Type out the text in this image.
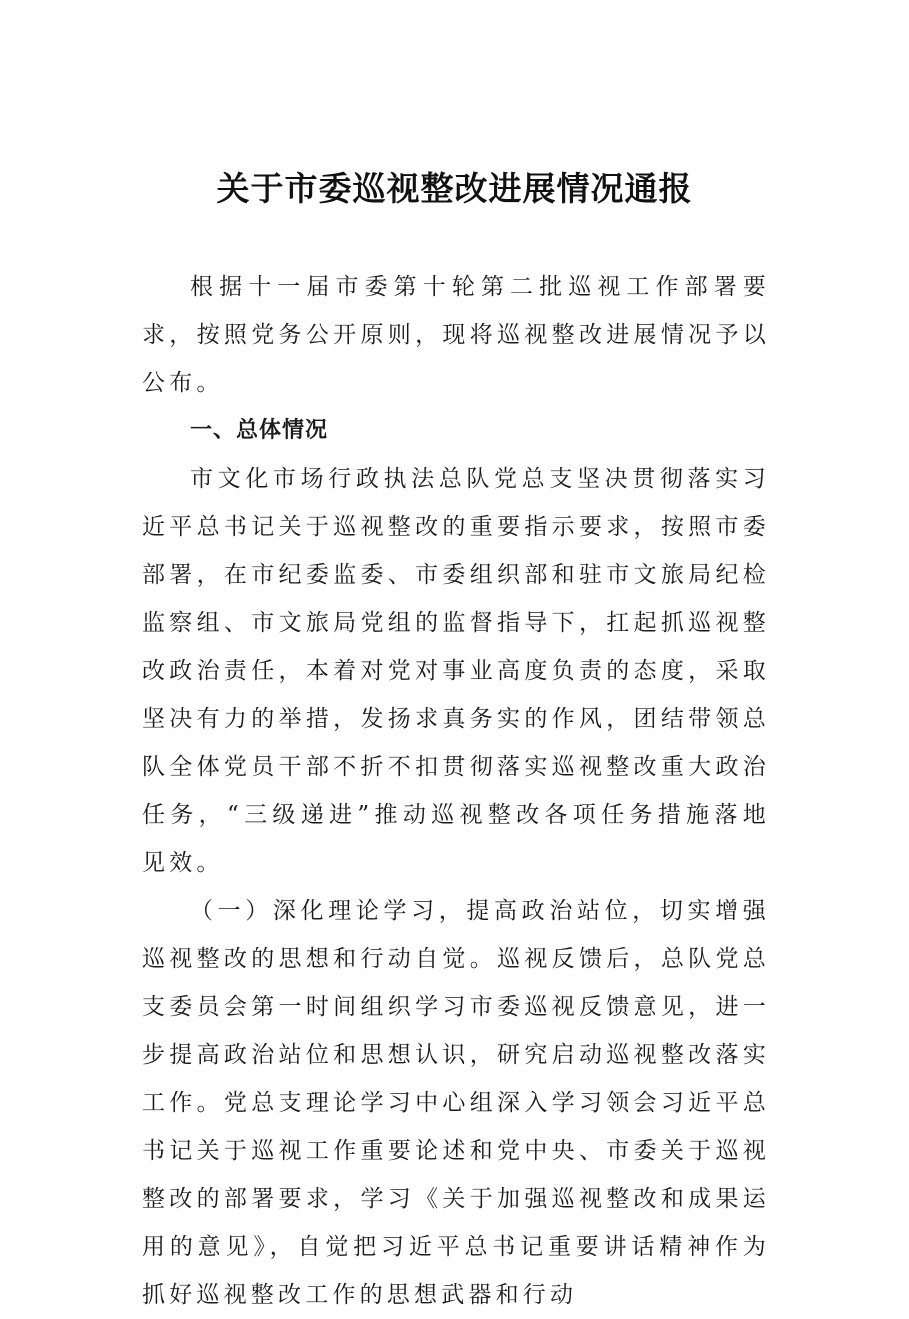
关于市委巡视整改进展情况通报

根据十一届市委第十轮第二批巡视工作部署要求，按照党务公开原则，现将巡视整改进展情况予以公布。

一、总体情况

市文化市场行政执法总队党总支坚决贯彻落实习近平总书记关于巡视整改的重要指示要求，按照市委部署，在市纪委监委、市委组织部和驻市文旅局纪检监察组、市文旅局党组的监督指导下，扛起抓巡视整改政治责任，本着对党对事业高度负责的态度，采取坚决有力的举措，发扬求真务实的作风，团结带领总队全体党员干部不折不扣贯彻落实巡视整改重大政治任务，“三级递进”推动巡视整改各项任务措施落地见效。

（一）深化理论学习，提高政治站位，切实增强巡视整改的思想和行动自觉。巡视反馈后，总队党总支委员会第一时间组织学习市委巡视反馈意见，进一步提高政治站位和思想认识，研究启动巡视整改落实工作。党总支理论学习中心组深入学习领会习近平总书记关于巡视工作重要论述和党中央、市委关于巡视整改的部署要求，学习《关于加强巡视整改和成果运用的意见》，自觉把习近平总书记重要讲话精神作为抓好巡视整改工作的思想武器和行动
